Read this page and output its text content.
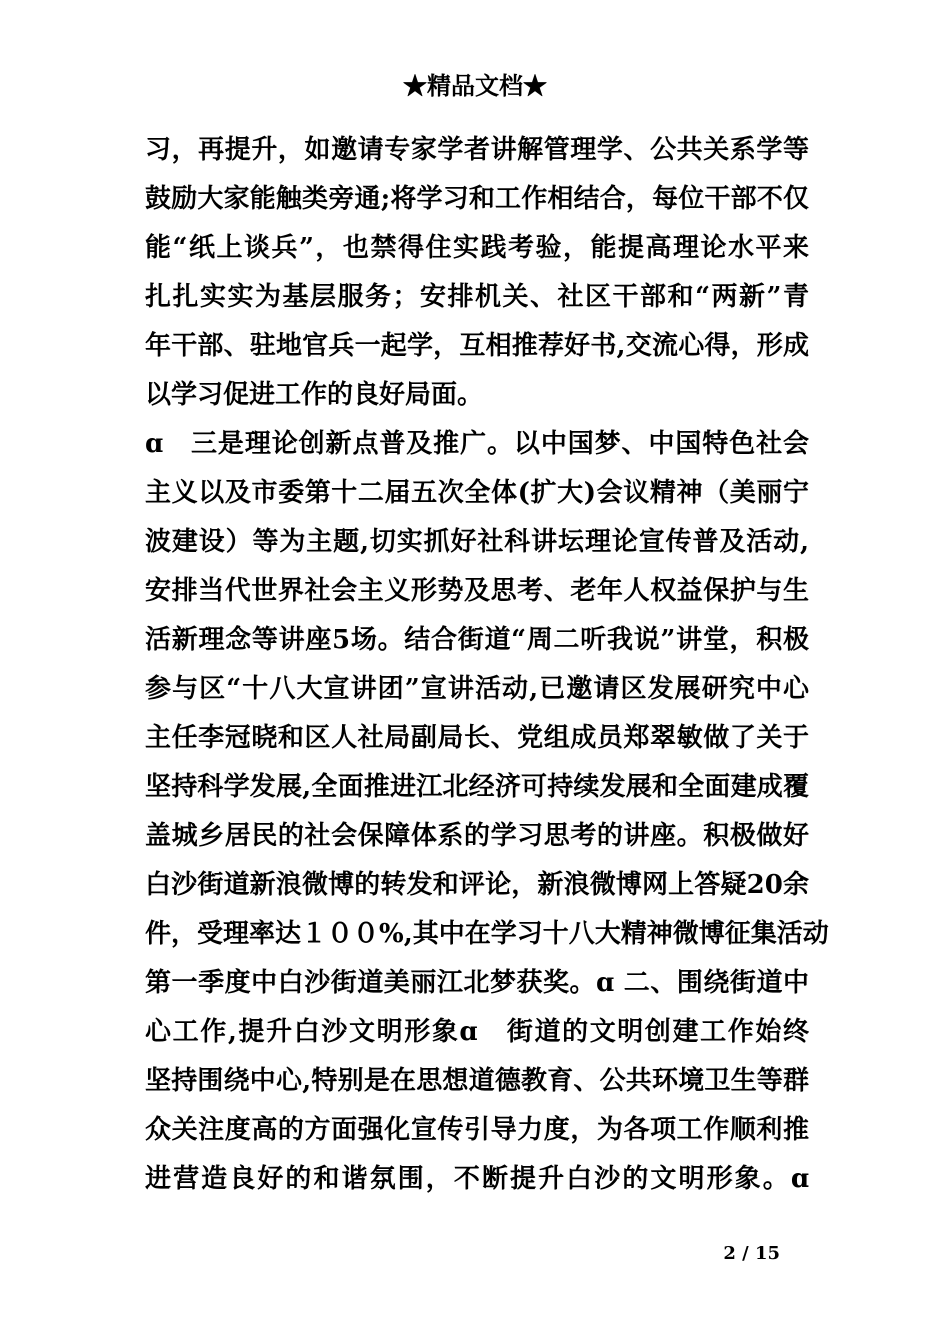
★精品文档★
习，再提升，如邀请专家学者讲解管理学、公共关系学等
鼓励大家能触类旁通;将学习和工作相结合，每位干部不仅
能“纸上谈兵”，也禁得住实践考验，能提高理论水平来
扎扎实实为基层服务；安排机关、社区干部和“两新”青
年干部、驻地官兵一起学，互相推荐好书,交流心得，形成
以学习促进工作的良好局面。
ɑ　三是理论创新点普及推广。以中国梦、中国特色社会
主义以及市委第十二届五次全体(扩大)会议精神（美丽宁
波建设）等为主题,切实抓好社科讲坛理论宣传普及活动,
安排当代世界社会主义形势及思考、老年人权益保护与生
活新理念等讲座5场。结合街道“周二听我说”讲堂，积极
参与区“十八大宣讲团”宣讲活动,已邀请区发展研究中心
主任李冠晓和区人社局副局长、党组成员郑翠敏做了关于
坚持科学发展,全面推进江北经济可持续发展和全面建成覆
盖城乡居民的社会保障体系的学习思考的讲座。积极做好
白沙街道新浪微博的转发和评论，新浪微博网上答疑20余
件，受理率达１００%,其中在学习十八大精神微博征集活动
第一季度中白沙街道美丽江北梦获奖。ɑ 二、围绕街道中
心工作,提升白沙文明形象ɑ　街道的文明创建工作始终
坚持围绕中心,特别是在思想道德教育、公共环境卫生等群
众关注度高的方面强化宣传引导力度，为各项工作顺利推
进营造良好的和谐氛围，不断提升白沙的文明形象。ɑ
2 / 15
